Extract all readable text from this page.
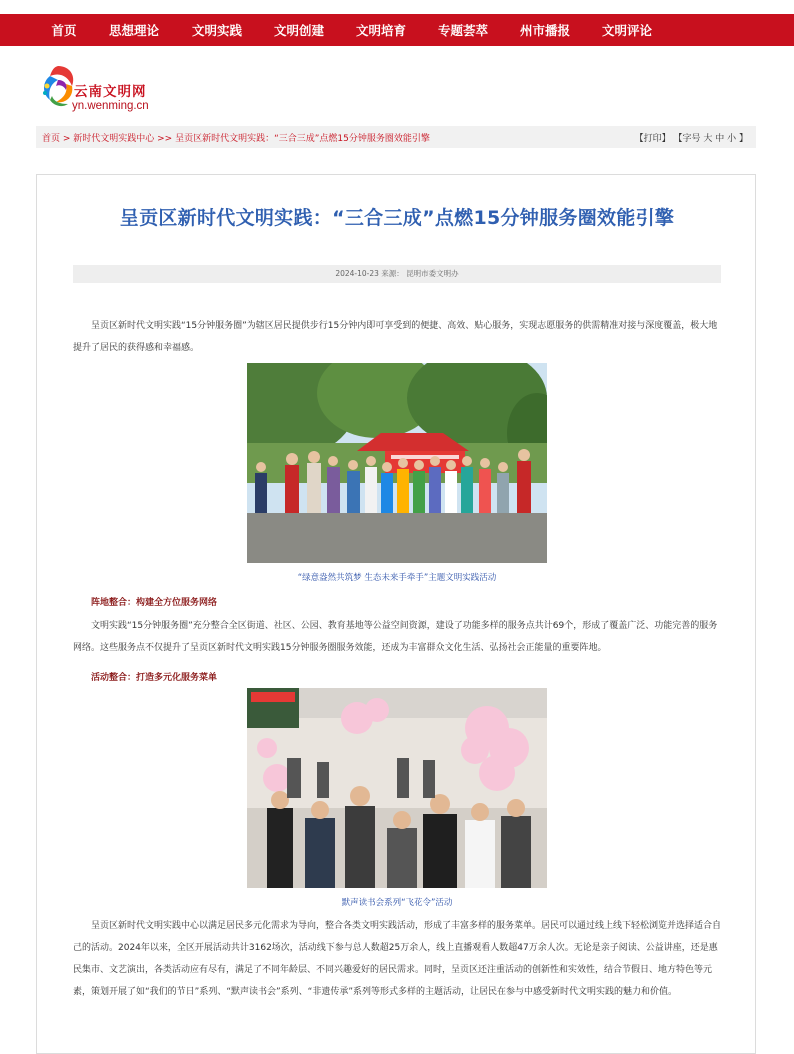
首页	思想理论	文明实践	文明创建	文明培育	专题荟萃	州市播报	文明评论
云南文明网
yn.wenming.cn
首页 > 新时代文明实践中心 >> 呈贡区新时代文明实践：“三合三成”点燃15分钟服务圈效能引擎	【打印】 【字号 大 中 小 】
呈贡区新时代文明实践：“三合三成”点燃15分钟服务圈效能引擎
2024-10-23 来源： 昆明市委文明办

呈贡区新时代文明实践“15分钟服务圈”为辖区居民提供步行15分钟内即可享受到的便捷、高效、贴心服务，实现志愿服务的供需精准对接与深度覆盖，极大地提升了居民的获得感和幸福感。

“绿意盎然共筑梦 生态未来手牵手”主题文明实践活动
阵地整合：构建全方位服务网络

文明实践“15分钟服务圈”充分整合全区街道、社区、公园、教育基地等公益空间资源，建设了功能多样的服务点共计69个，形成了覆盖广泛、功能完善的服务网络。这些服务点不仅提升了呈贡区新时代文明实践15分钟服务圈服务效能，还成为丰富群众文化生活、弘扬社会正能量的重要阵地。

活动整合：打造多元化服务菜单
默声读书会系列“飞花令”活动

呈贡区新时代文明实践中心以满足居民多元化需求为导向，整合各类文明实践活动，形成了丰富多样的服务菜单。居民可以通过线上线下轻松浏览并选择适合自己的活动。2024年以来，全区开展活动共计3162场次，活动线下参与总人数超25万余人，线上直播观看人数超47万余人次。无论是亲子阅读、公益讲座，还是惠民集市、文艺演出，各类活动应有尽有，满足了不同年龄层、不同兴趣爱好的居民需求。同时，呈贡区还注重活动的创新性和实效性，结合节假日、地方特色等元素，策划开展了如“我们的节日”系列、“默声读书会”系列、“非遗传承”系列等形式多样的主题活动，让居民在参与中感受新时代文明实践的魅力和价值。
